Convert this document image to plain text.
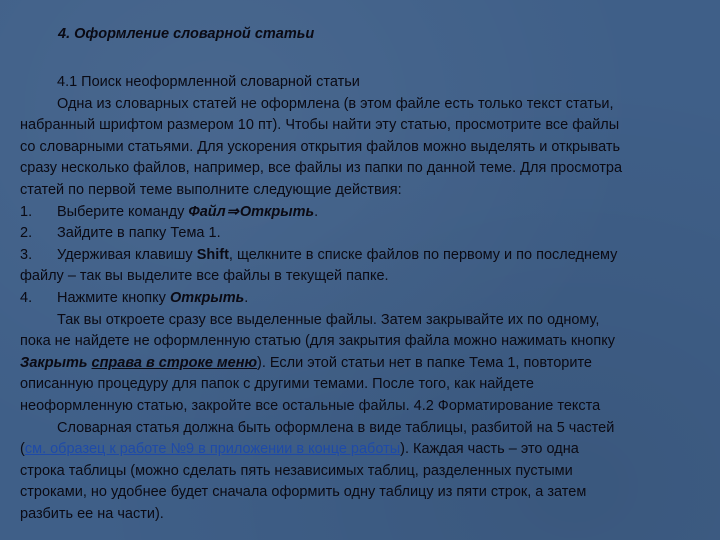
4. Оформление словарной статьи
4.1 Поиск неоформленной словарной статьи
Одна из словарных статей не оформлена (в этом файле есть только текст статьи,
набранный шрифтом размером 10 пт). Чтобы найти эту статью, просмотрите все файлы
со словарными статьями. Для ускорения открытия файлов можно выделять и открывать
сразу несколько файлов, например, все файлы из папки по данной теме. Для просмотра
статей по первой теме выполните следующие действия:
1. Выберите команду Файл⇒Открыть.
2. Зайдите в папку Тема 1.
3. Удерживая клавишу Shift, щелкните в списке файлов по первому и по последнему
файлу – так вы выделите все файлы в текущей папке.
4. Нажмите кнопку Открыть.
Так вы откроете сразу все выделенные файлы. Затем закрывайте их по одному,
пока не найдете не оформленную статью (для закрытия файла можно нажимать кнопку
Закрыть справа в строке меню). Если этой статьи нет в папке Тема 1, повторите
описанную процедуру для папок с другими темами. После того, как найдете
неоформленную статью, закройте все остальные файлы. 4.2 Форматирование текста
Словарная статья должна быть оформлена в виде таблицы, разбитой на 5 частей
(см. образец к работе №9 в приложении в конце работы). Каждая часть – это одна
строка таблицы (можно сделать пять независимых таблиц, разделенных пустыми
строками, но удобнее будет сначала оформить одну таблицу из пяти строк, а затем
разбить ее на части).
